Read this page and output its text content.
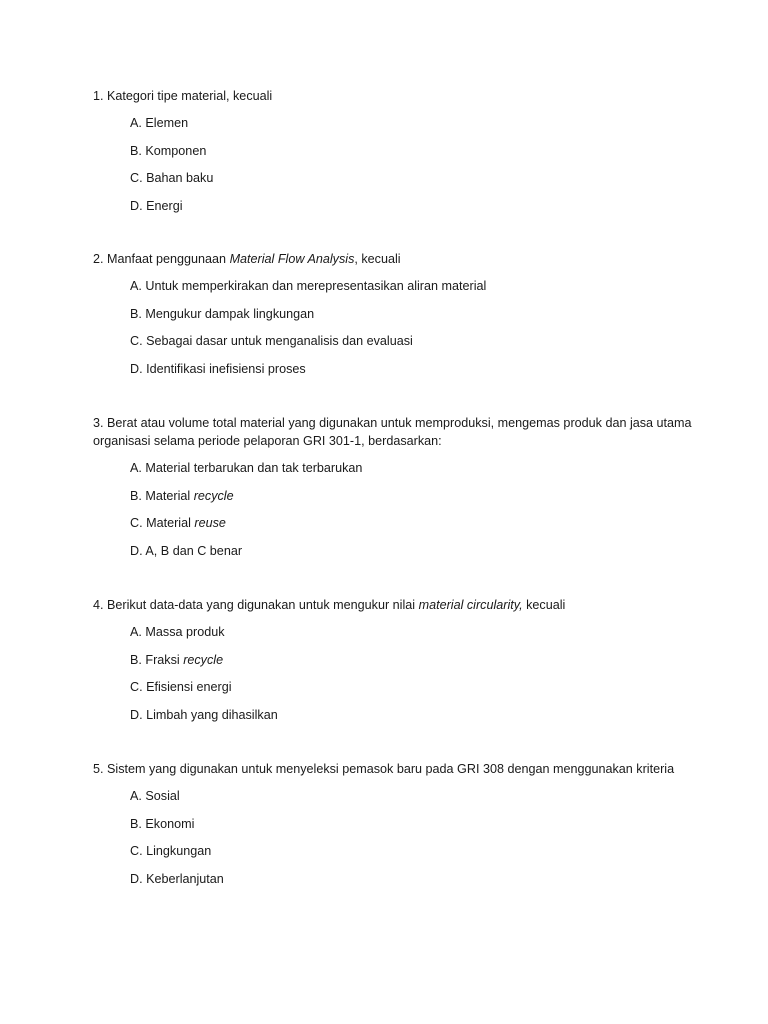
1. Kategori tipe material, kecuali

A. Elemen
B. Komponen
C. Bahan baku
D. Energi

2. Manfaat penggunaan Material Flow Analysis, kecuali

A. Untuk memperkirakan dan merepresentasikan aliran material
B. Mengukur dampak lingkungan
C. Sebagai dasar untuk menganalisis dan evaluasi
D. Identifikasi inefisiensi proses

3. Berat atau volume total material yang digunakan untuk memproduksi, mengemas produk dan jasa utama organisasi selama periode pelaporan GRI 301-1, berdasarkan:

A. Material terbarukan dan tak terbarukan
B. Material recycle
C. Material reuse
D. A, B dan C benar

4. Berikut data-data yang digunakan untuk mengukur nilai material circularity, kecuali

A. Massa produk
B. Fraksi recycle
C. Efisiensi energi
D. Limbah yang dihasilkan

5. Sistem yang digunakan untuk menyeleksi pemasok baru pada GRI 308 dengan menggunakan kriteria

A. Sosial
B. Ekonomi
C. Lingkungan
D. Keberlanjutan
